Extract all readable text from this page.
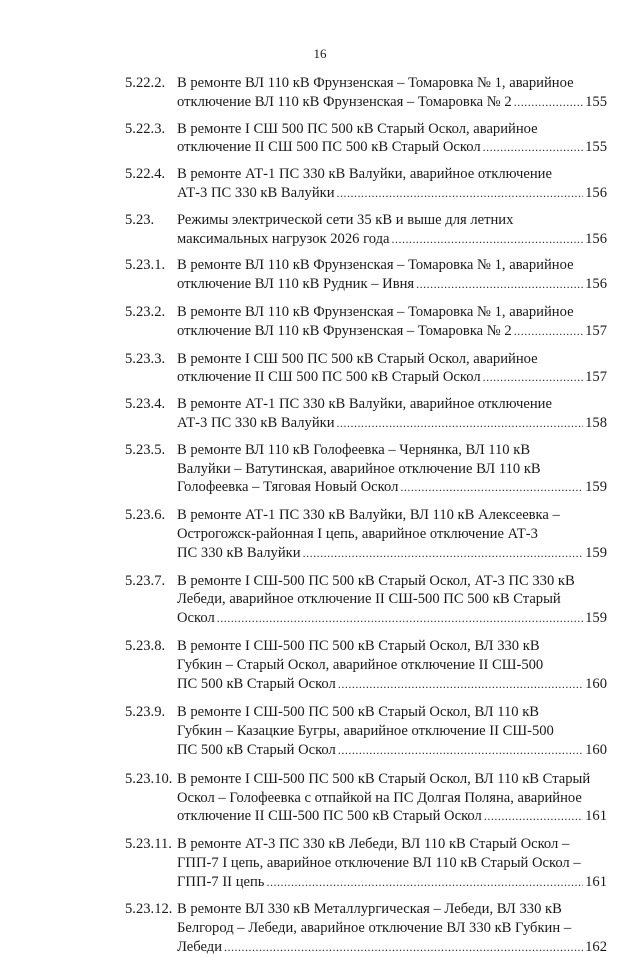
16
5.22.2. В ремонте ВЛ 110 кВ Фрунзенская – Томаровка № 1, аварийное
отключение ВЛ 110 кВ Фрунзенская – Томаровка № 2 .....	155
5.22.3. В ремонте I СШ 500 ПС 500 кВ Старый Оскол, аварийное
отключение II СШ 500 ПС 500 кВ Старый Оскол .....	155
5.22.4. В ремонте АТ-1 ПС 330 кВ Валуйки, аварийное отключение
АТ-3 ПС 330 кВ Валуйки .....	156
5.23. Режимы электрической сети 35 кВ и выше для летних
максимальных нагрузок 2026 года .....	156
5.23.1. В ремонте ВЛ 110 кВ Фрунзенская – Томаровка № 1, аварийное
отключение ВЛ 110 кВ Рудник – Ивня .....	156
5.23.2. В ремонте ВЛ 110 кВ Фрунзенская – Томаровка № 1, аварийное
отключение ВЛ 110 кВ Фрунзенская – Томаровка № 2 .....	157
5.23.3. В ремонте I СШ 500 ПС 500 кВ Старый Оскол, аварийное
отключение II СШ 500 ПС 500 кВ Старый Оскол .....	157
5.23.4. В ремонте АТ-1 ПС 330 кВ Валуйки, аварийное отключение
АТ-3 ПС 330 кВ Валуйки .....	158
5.23.5. В ремонте ВЛ 110 кВ Голофеевка – Чернянка, ВЛ 110 кВ
Валуйки – Ватутинская, аварийное отключение ВЛ 110 кВ
Голофеевка – Тяговая Новый Оскол .....	159
5.23.6. В ремонте АТ-1 ПС 330 кВ Валуйки, ВЛ 110 кВ Алексеевка –
Острогожск-районная I цепь, аварийное отключение АТ-3
ПС 330 кВ Валуйки .....	159
5.23.7. В ремонте I СШ-500 ПС 500 кВ Старый Оскол, АТ-3 ПС 330 кВ
Лебеди, аварийное отключение II СШ-500 ПС 500 кВ Старый
Оскол .....	159
5.23.8. В ремонте I СШ-500 ПС 500 кВ Старый Оскол, ВЛ 330 кВ
Губкин – Старый Оскол, аварийное отключение II СШ-500
ПС 500 кВ Старый Оскол .....	160
5.23.9. В ремонте I СШ-500 ПС 500 кВ Старый Оскол, ВЛ 110 кВ
Губкин – Казацкие Бугры, аварийное отключение II СШ-500
ПС 500 кВ Старый Оскол .....	160
5.23.10. В ремонте I СШ-500 ПС 500 кВ Старый Оскол, ВЛ 110 кВ Старый
Оскол – Голофеевка с отпайкой на ПС Долгая Поляна, аварийное
отключение II СШ-500 ПС 500 кВ Старый Оскол .....	161
5.23.11. В ремонте АТ-3 ПС 330 кВ Лебеди, ВЛ 110 кВ Старый Оскол –
ГПП-7 I цепь, аварийное отключение ВЛ 110 кВ Старый Оскол –
ГПП-7 II цепь .....	161
5.23.12. В ремонте ВЛ 330 кВ Металлургическая – Лебеди, ВЛ 330 кВ
Белгород – Лебеди, аварийное отключение ВЛ 330 кВ Губкин –
Лебеди .....	162
